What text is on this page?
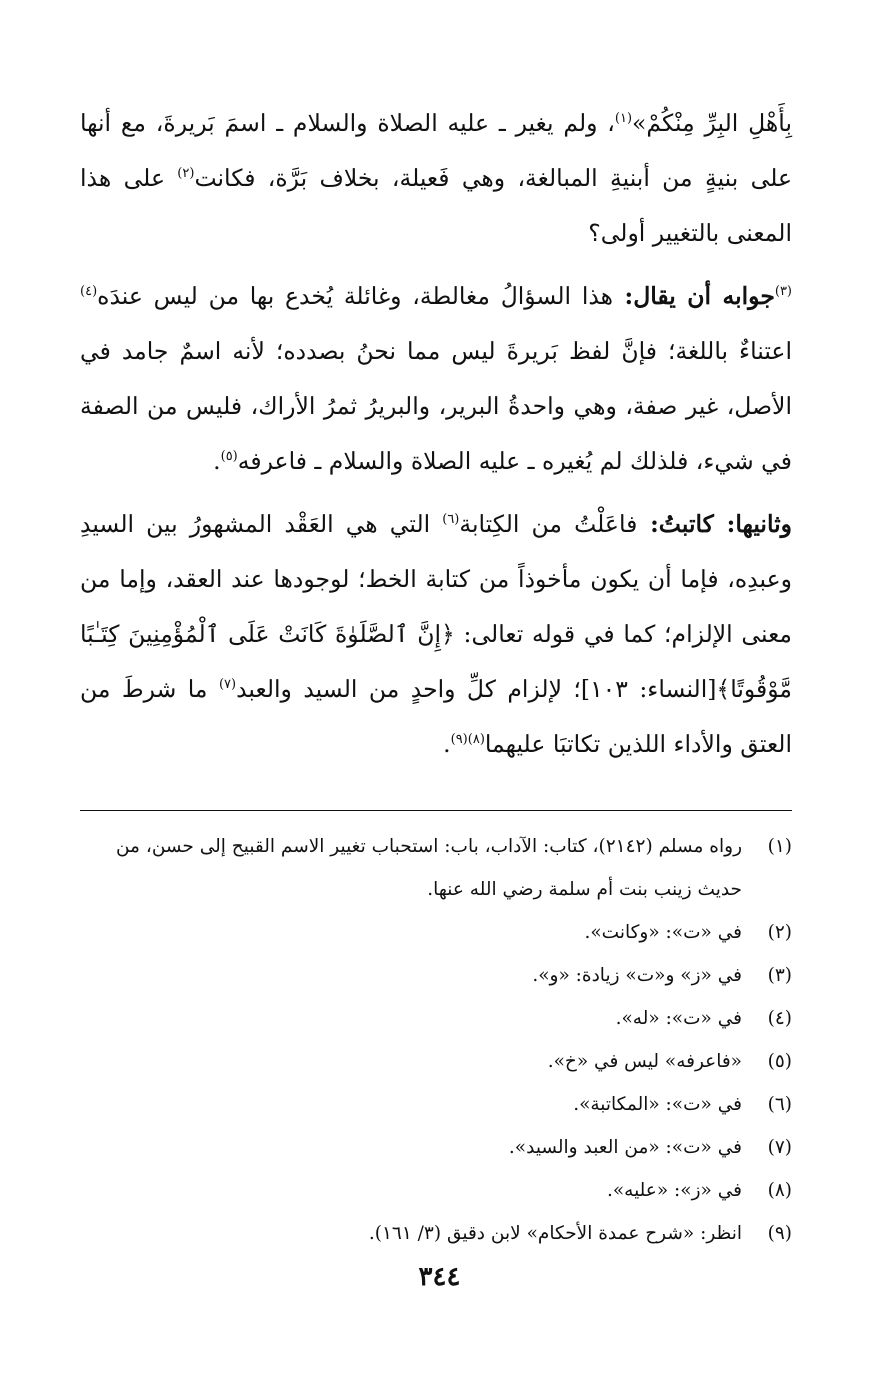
بِأَهْلِ البِرِّ مِنْكُمْ»$^{(١)}$، ولم يغير ـ عليه الصلاة والسلام ـ اسمَ بَريرةَ، مع أنها على بنيةٍ من أبنيةِ المبالغة، وهي فَعيلة، بخلاف بَرَّة، فكانت$^{(٢)}$ على هذا المعنى بالتغيير أولى؟

$^{(٣)}$جوابه أن يقال: هذا السؤالُ مغالطة، وغائلة يُخدع بها من ليس عندَه$^{(٤)}$ اعتناءٌ باللغة؛ فإنَّ لفظ بَريرةَ ليس مما نحنُ بصدده؛ لأنه اسمٌ جامد في الأصل، غير صفة، وهي واحدةُ البرير، والبريرُ ثمرُ الأراك، فليس من الصفة في شيء، فلذلك لم يُغيره ـ عليه الصلاة والسلام ـ فاعرفه$^{(٥)}$.

وثانيها: كاتبتُ: فاعَلْتُ من الكِتابة$^{(٦)}$ التي هي العَقْد المشهورُ بين السيدِ وعبدِه، فإما أن يكون مأخوذاً من كتابة الخط؛ لوجودها عند العقد، وإما من معنى الإلزام؛ كما في قوله تعالى: ﴿إِنَّ ٱلصَّلَوٰةَ كَانَتْ عَلَى ٱلْمُؤْمِنِينَ كِتَـٰبًا مَّوْقُوتًا﴾[النساء: ١٠٣]؛ لإلزام كلِّ واحدٍ من السيد والعبد$^{(٧)}$ ما شرطَ من العتق والأداء اللذين تكاتبَا عليهما$^{(٨)(٩)}$.

(١)
رواه مسلم (٢١٤٢)، كتاب: الآداب، باب: استحباب تغيير الاسم القبيح إلى حسن، من حديث زينب بنت أم سلمة رضي الله عنها.
(٢)
في «ت»: «وكانت».
(٣)
في «ز» و«ت» زيادة: «و».
(٤)
في «ت»: «له».
(٥)
«فاعرفه» ليس في «خ».
(٦)
في «ت»: «المكاتبة».
(٧)
في «ت»: «من العبد والسيد».
(٨)
في «ز»: «عليه».
(٩)
انظر: «شرح عمدة الأحكام» لابن دقيق (٣/ ١٦١).
٣٤٤
